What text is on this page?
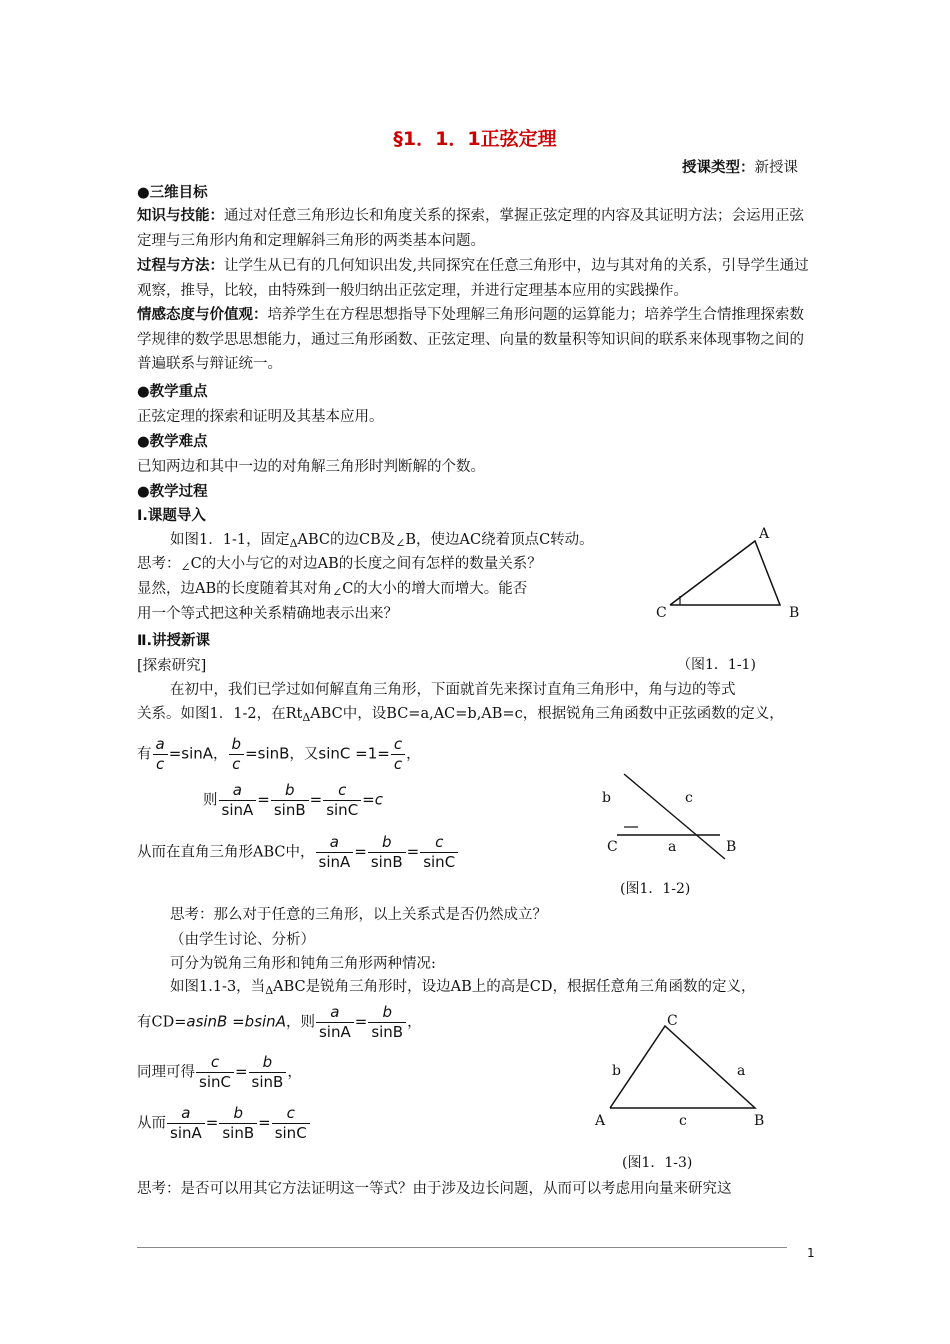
§1．1．1正弦定理
授课类型：新授课
●三维目标
知识与技能：通过对任意三角形边长和角度关系的探索，掌握正弦定理的内容及其证明方法；会运用正弦定理与三角形内角和定理解斜三角形的两类基本问题。
过程与方法：让学生从已有的几何知识出发,共同探究在任意三角形中，边与其对角的关系，引导学生通过观察，推导，比较，由特殊到一般归纳出正弦定理，并进行定理基本应用的实践操作。
情感态度与价值观：培养学生在方程思想指导下处理解三角形问题的运算能力；培养学生合情推理探索数学规律的数学思思想能力，通过三角形函数、正弦定理、向量的数量积等知识间的联系来体现事物之间的普遍联系与辩证统一。
●教学重点
正弦定理的探索和证明及其基本应用。
●教学难点
已知两边和其中一边的对角解三角形时判断解的个数。
●教学过程
Ⅰ.课题导入
如图1．1-1，固定$_\Delta$ABC的边CB及$_\angle$B，使边AC绕着顶点C转动。
思考：$_\angle$C的大小与它的对边AB的长度之间有怎样的数量关系？
显然，边AB的长度随着其对角$_\angle$C的大小的增大而增大。能否
用一个等式把这种关系精确地表示出来？
A
C	B
Ⅱ.讲授新课
[探索研究]	（图1．1-1)
在初中，我们已学过如何解直角三角形，下面就首先来探讨直角三角形中，角与边的等式
关系。如图1．1-2，在$Rt_\Delta ABC$中，设BC=a,AC=b,AB=c，根据锐角三角函数中正弦函数的定义，
有 $\frac{a}{c} =\sin A$， $\frac{b}{c} =\sin B$，又$\sin C =1= \frac{c}{c}$ ，
则 $\frac{a}{\sin A} = \frac{b}{\sin B} = \frac{c}{\sin C} =c$
从而在直角三角形ABC中， $\frac{a}{\sin A} = \frac{b}{\sin B} = \frac{c}{\sin C}$
b	c
C	a	B
(图1．1-2)
思考：那么对于任意的三角形，以上关系式是否仍然成立？
（由学生讨论、分析）
可分为锐角三角形和钝角三角形两种情况:
如图1.1-3，当$_\Delta$ABC是锐角三角形时，设边AB上的高是CD，根据任意角三角函数的定义，
有CD=asinB =bsinA，则 $\frac{a}{\sin A} = \frac{b}{\sin B}$ ，
同理可得 $\frac{c}{\sin C} = \frac{b}{\sin B}$ ，
从而 $\frac{a}{\sin A} = \frac{b}{\sin B} = \frac{c}{\sin C}$
C
b	a
A	c	B
(图1．1-3)
思考：是否可以用其它方法证明这一等式？由于涉及边长问题，从而可以考虑用向量来研究这
1
